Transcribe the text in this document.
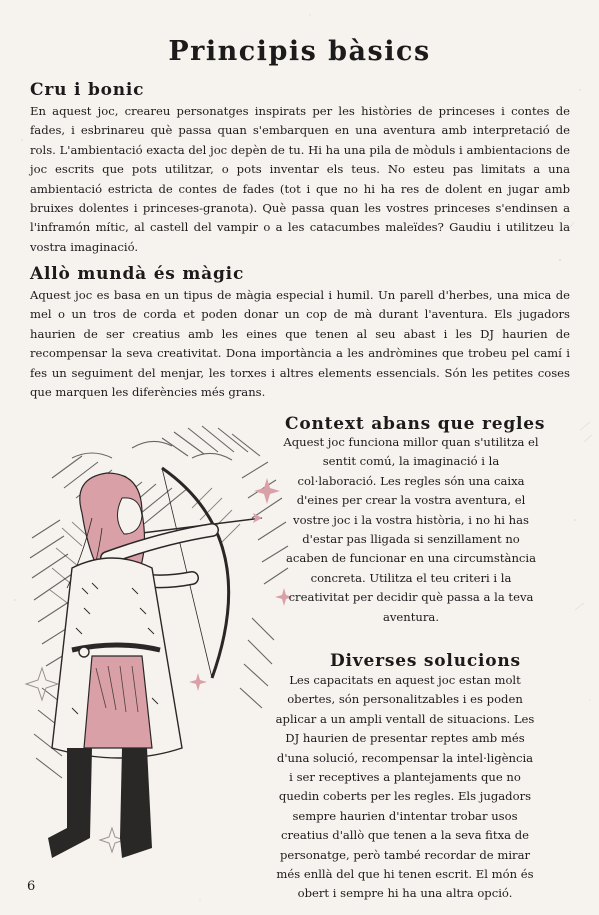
Principis bàsics
Cru i bonic

En aquest joc, creareu personatges inspirats per les històries de princeses i contes de fades, i esbrinareu què passa quan s'embarquen en una aventura amb interpretació de rols. L'ambientació exacta del joc depèn de tu. Hi ha una pila de mòduls i ambientacions de joc escrits que pots utilitzar, o pots inventar els teus. No esteu pas limitats a una ambientació estricta de contes de fades (tot i que no hi ha res de dolent en jugar amb bruixes dolentes i princeses-granota). Què passa quan les vostres princeses s'endinsen a l'infram͏ón mític, al castell del vampir o a les catacumbes maleïdes? Gaudiu i utilitzeu la vostra imaginació.

Allò mundà és màgic

Aquest joc es basa en un tipus de màgia especial i humil. Un parell d'herbes, una mica de mel o un tros de corda et poden donar un cop de mà durant l'aventura. Els jugadors haurien de ser creatius amb les eines que tenen al seu abast i les DJ haurien de recompensar la seva creativitat. Dona importància a les andròmines que trobeu pel camí i fes un seguiment del menjar, les torxes i altres elements essencials. Són les petites coses que marquen les diferències més grans.

Context abans que regles

Aquest joc funciona millor quan s'utilitza el sentit comú, la imaginació i la col·laboració. Les regles són una caixa d'eines per crear la vostra aventura, el vostre joc i la vostra història, i no hi has d'estar pas lligada si senzillament no acaben de funcionar en una circumstància concreta. Utilitza el teu criteri i la creativitat per decidir què passa a la teva aventura.

Diverses solucions

Les capacitats en aquest joc estan molt obertes, són personalitzables i es poden aplicar a un ampli ventall de situacions. Les DJ haurien de presentar reptes amb més d'una solució, recompensar la intel·ligència i ser receptives a plantejaments que no quedin coberts per les regles. Els jugadors sempre haurien d'intentar trobar usos creatius d'allò que tenen a la seva fitxa de personatge, però també recordar de mirar més enllà del que hi tenen escrit. El món és obert i sempre hi ha una altra opció.

6
